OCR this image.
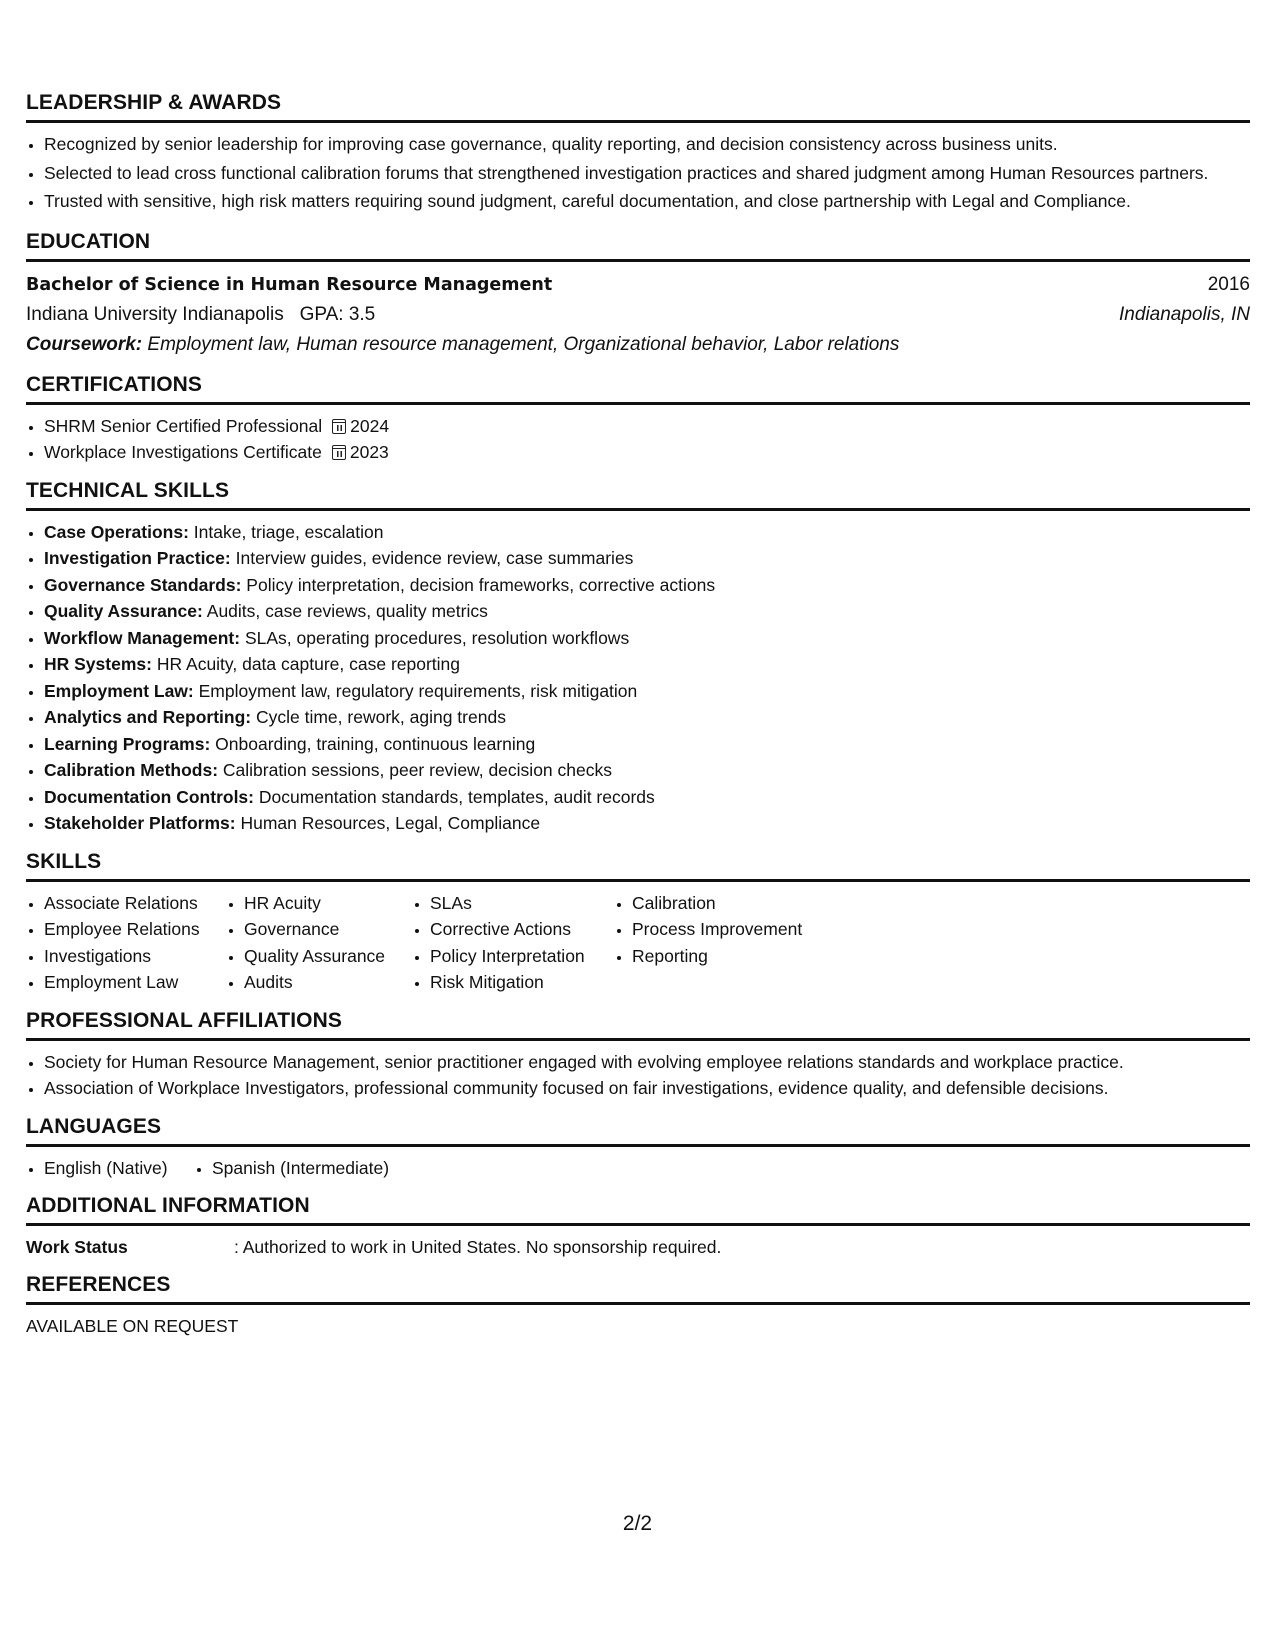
LEADERSHIP & AWARDS
• Recognized by senior leadership for improving case governance, quality reporting, and decision consistency across business units.
• Selected to lead cross functional calibration forums that strengthened investigation practices and shared judgment among Human Resources partners.
• Trusted with sensitive, high risk matters requiring sound judgment, careful documentation, and close partnership with Legal and Compliance.
EDUCATION
Bachelor of Science in Human Resource Management	2016
Indiana University Indianapolis GPA: 3.5	Indianapolis, IN
Coursework: Employment law, Human resource management, Organizational behavior, Labor relations
CERTIFICATIONS
• SHRM Senior Certified Professional 2024
• Workplace Investigations Certificate 2023
TECHNICAL SKILLS
• Case Operations: Intake, triage, escalation
• Investigation Practice: Interview guides, evidence review, case summaries
• Governance Standards: Policy interpretation, decision frameworks, corrective actions
• Quality Assurance: Audits, case reviews, quality metrics
• Workflow Management: SLAs, operating procedures, resolution workflows
• HR Systems: HR Acuity, data capture, case reporting
• Employment Law: Employment law, regulatory requirements, risk mitigation
• Analytics and Reporting: Cycle time, rework, aging trends
• Learning Programs: Onboarding, training, continuous learning
• Calibration Methods: Calibration sessions, peer review, decision checks
• Documentation Controls: Documentation standards, templates, audit records
• Stakeholder Platforms: Human Resources, Legal, Compliance
SKILLS
• Associate Relations
• Employee Relations
• Investigations
• Employment Law
• HR Acuity
• Governance
• Quality Assurance
• Audits
• SLAs
• Corrective Actions
• Policy Interpretation
• Risk Mitigation
• Calibration
• Process Improvement
• Reporting
PROFESSIONAL AFFILIATIONS
• Society for Human Resource Management, senior practitioner engaged with evolving employee relations standards and workplace practice.
• Association of Workplace Investigators, professional community focused on fair investigations, evidence quality, and defensible decisions.
LANGUAGES
• English (Native)
•	Spanish (Intermediate)
ADDITIONAL INFORMATION
Work Status	: Authorized to work in United States. No sponsorship required.
REFERENCES
AVAILABLE ON REQUEST
2/2
